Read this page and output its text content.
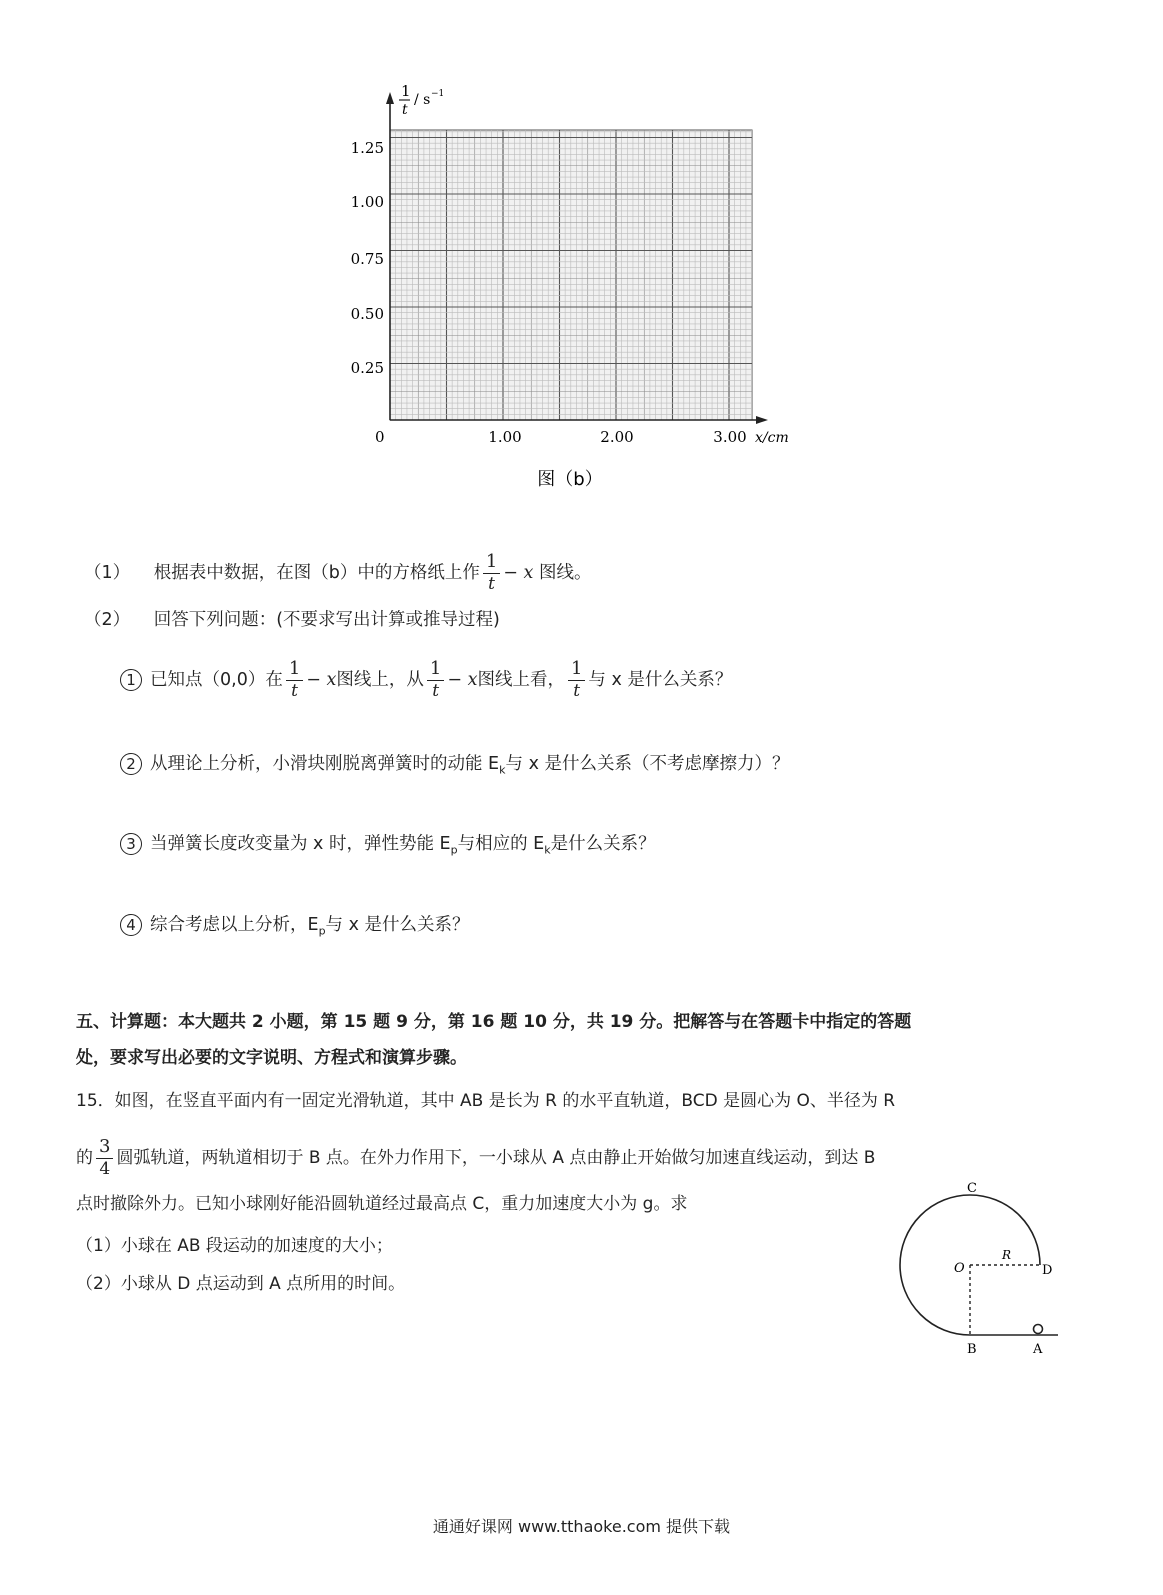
1
t
/ s −1
1.25
1.00
0.75
0.50
0.25
0	1.00	2.00	3.00 x/cm
图（b）
（1） 根据表中数据，在图（b）中的方格纸上作 $\frac{1}{t} - x$ 图线。
（2） 回答下列问题：(不要求写出计算或推导过程)
1 已知点（0,0）在 $\frac{1}{t} - x$图线上，从 $\frac{1}{t} - x$图线上看， $\frac{1}{t}$ 与 x 是什么关系？
2 从理论上分析，小滑块刚脱离弹簧时的动能 $E_k$与 x 是什么关系（不考虑摩擦力）？
3 当弹簧长度改变量为 x 时，弹性势能 $E_p$与相应的 $E_k$是什么关系？
4 综合考虑以上分析，$E_p$与 x 是什么关系？
五、计算题：本大题共 2 小题，第 15 题 9 分，第 16 题 10 分，共 19 分。把解答与在答题卡中指定的答题
处，要求写出必要的文字说明、方程式和演算步骤。
15．如图，在竖直平面内有一固定光滑轨道，其中 AB 是长为 R 的水平直轨道，BCD 是圆心为 O、半径为 R
的 $\frac{3}{4}$ 圆弧轨道，两轨道相切于 B 点。在外力作用下，一小球从 A 点由静止开始做匀加速直线运动，到达 B
点时撤除外力。已知小球刚好能沿圆轨道经过最高点 C，重力加速度大小为 g。求
（1）小球在 AB 段运动的加速度的大小；
（2）小球从 D 点运动到 A 点所用的时间。
C
O
R
D
B	A
通通好课网 www.tthaoke.com 提供下载
